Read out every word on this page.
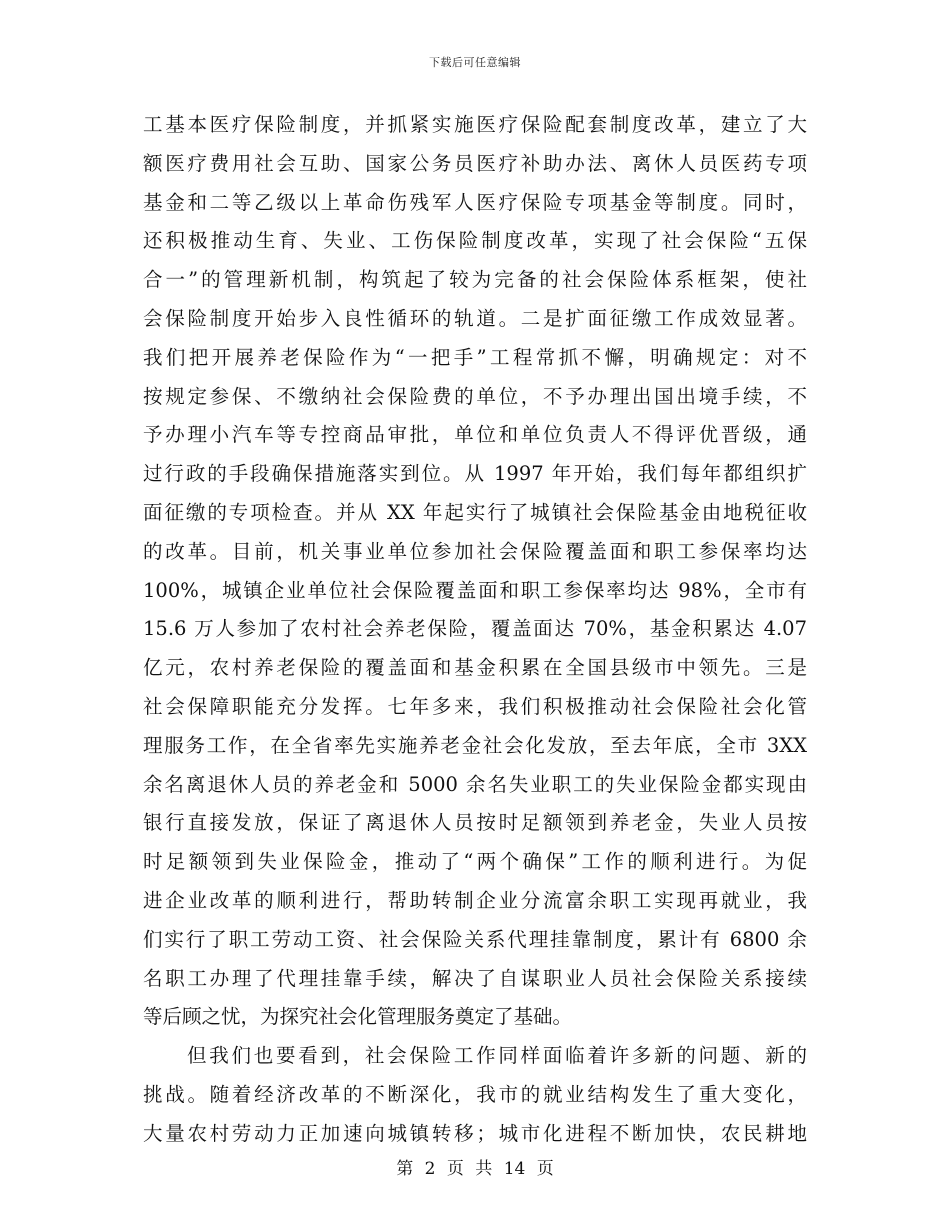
下载后可任意编辑
工基本医疗保险制度，并抓紧实施医疗保险配套制度改革，建立了大
额医疗费用社会互助、国家公务员医疗补助办法、离休人员医药专项
基金和二等乙级以上革命伤残军人医疗保险专项基金等制度。同时，
还积极推动生育、失业、工伤保险制度改革，实现了社会保险“五保
合一”的管理新机制，构筑起了较为完备的社会保险体系框架，使社
会保险制度开始步入良性循环的轨道。二是扩面征缴工作成效显著。
我们把开展养老保险作为“一把手”工程常抓不懈，明确规定：对不
按规定参保、不缴纳社会保险费的单位，不予办理出国出境手续，不
予办理小汽车等专控商品审批，单位和单位负责人不得评优晋级，通
过行政的手段确保措施落实到位。从 1997 年开始，我们每年都组织扩
面征缴的专项检查。并从 XX 年起实行了城镇社会保险基金由地税征收
的改革。目前，机关事业单位参加社会保险覆盖面和职工参保率均达
100%，城镇企业单位社会保险覆盖面和职工参保率均达 98%，全市有
15.6 万人参加了农村社会养老保险，覆盖面达 70%，基金积累达 4.07
亿元，农村养老保险的覆盖面和基金积累在全国县级市中领先。三是
社会保障职能充分发挥。七年多来，我们积极推动社会保险社会化管
理服务工作，在全省率先实施养老金社会化发放，至去年底，全市 3XX
余名离退休人员的养老金和 5000 余名失业职工的失业保险金都实现由
银行直接发放，保证了离退休人员按时足额领到养老金，失业人员按
时足额领到失业保险金，推动了“两个确保”工作的顺利进行。为促
进企业改革的顺利进行，帮助转制企业分流富余职工实现再就业，我
们实行了职工劳动工资、社会保险关系代理挂靠制度，累计有 6800 余
名职工办理了代理挂靠手续，解决了自谋职业人员社会保险关系接续
等后顾之忧，为探究社会化管理服务奠定了基础。
但我们也要看到，社会保险工作同样面临着许多新的问题、新的
挑战。随着经济改革的不断深化，我市的就业结构发生了重大变化，
大量农村劳动力正加速向城镇转移；城市化进程不断加快，农民耕地
第 2 页 共 14 页
